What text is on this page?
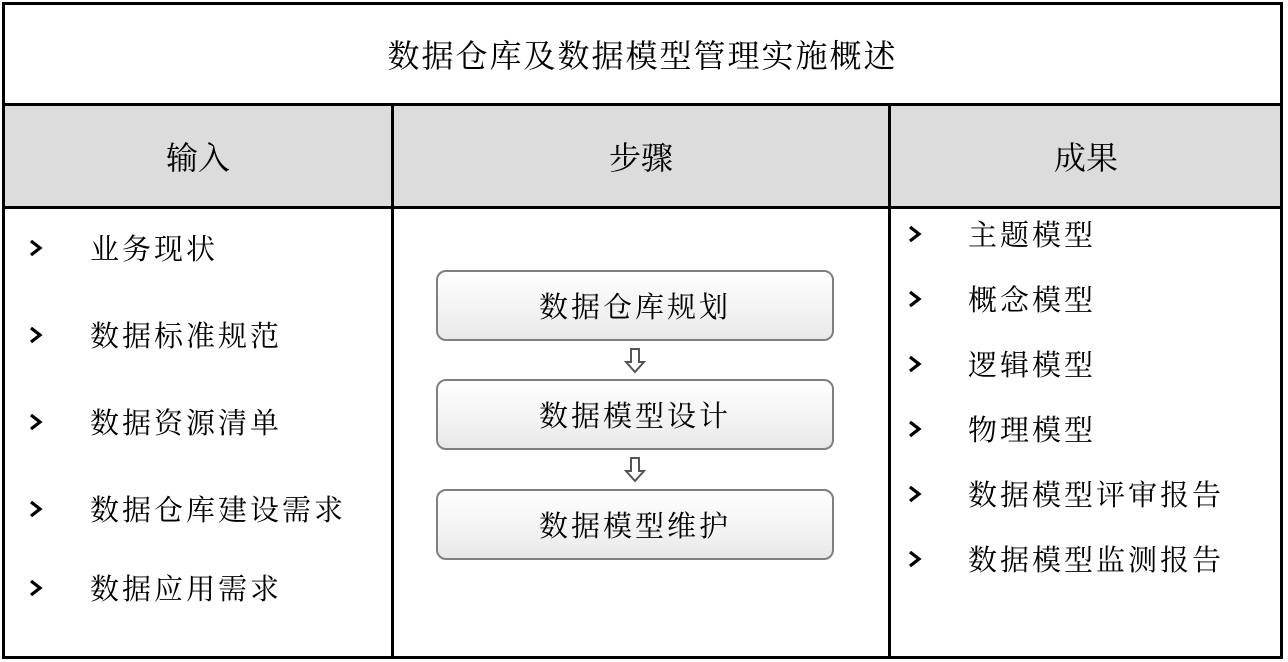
数据仓库及数据模型管理实施概述
输入	步骤	成果
业务现状
数据标准规范
数据资源清单
数据仓库建设需求
数据应用需求
数据仓库规划
数据模型设计
数据模型维护
主题模型
概念模型
逻辑模型
物理模型
数据模型评审报告
数据模型监测报告
